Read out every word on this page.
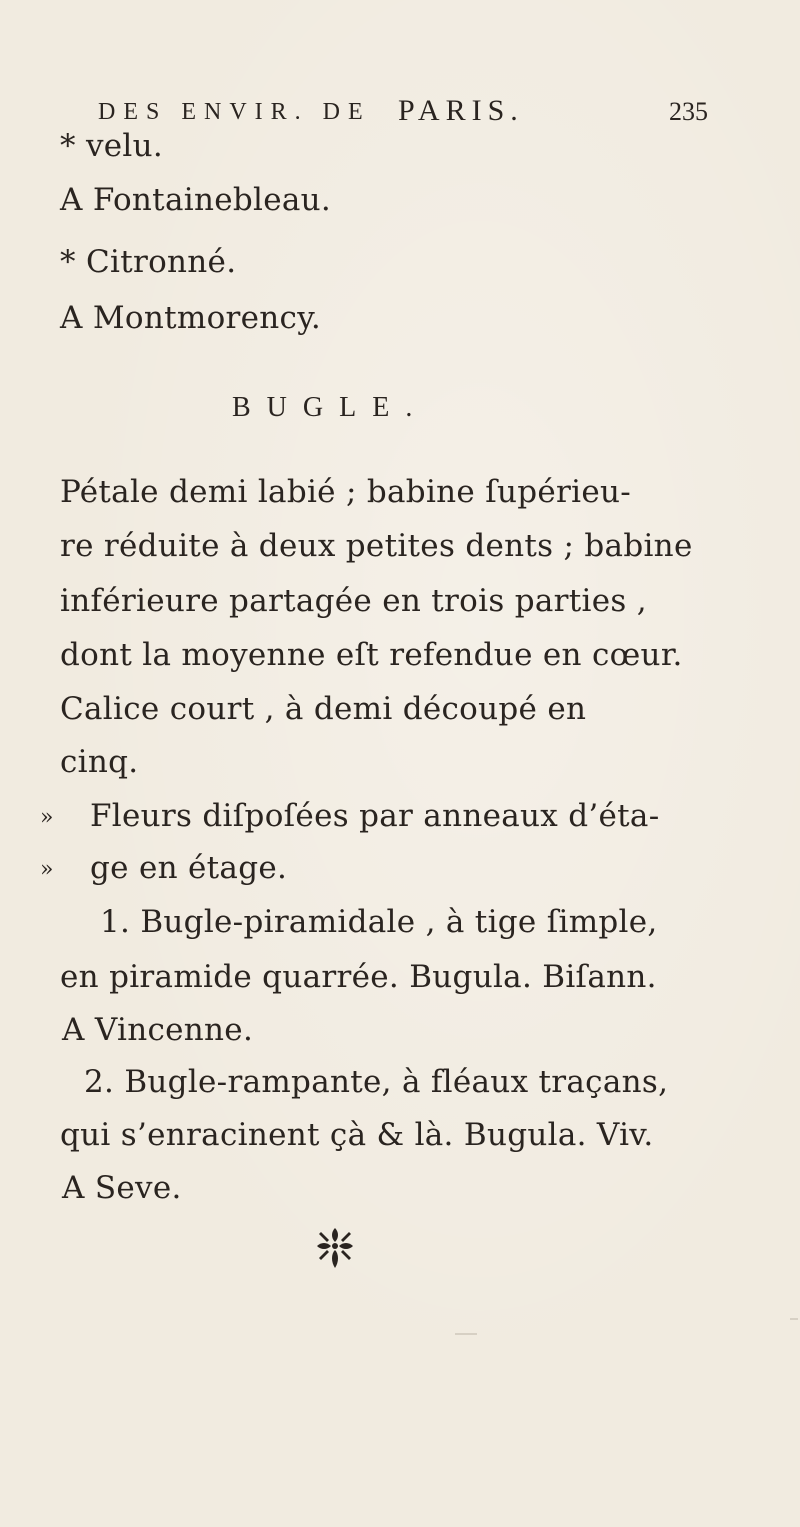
DES ENVIR. DE PARIS.	235
* velu.
A Fontainebleau.
* Citronné.
A Montmorency.
BUGLE.
Pétale demi labié ; babine ſupérieu-
re réduite à deux petites dents ; babine
inférieure partagée en trois parties ,
dont la moyenne eſt refendue en cœur.
Calice court , à demi découpé en
cinq.
» Fleurs diſpoſées par anneaux d’éta-
» ge en étage.
1. Bugle-piramidale , à tige ſimple,
en piramide quarrée. Bugula. Biſann.
A Vincenne.
2. Bugle-rampante, à fléaux traçans,
qui s’enracinent çà & là. Bugula. Viv.
A Seve.
